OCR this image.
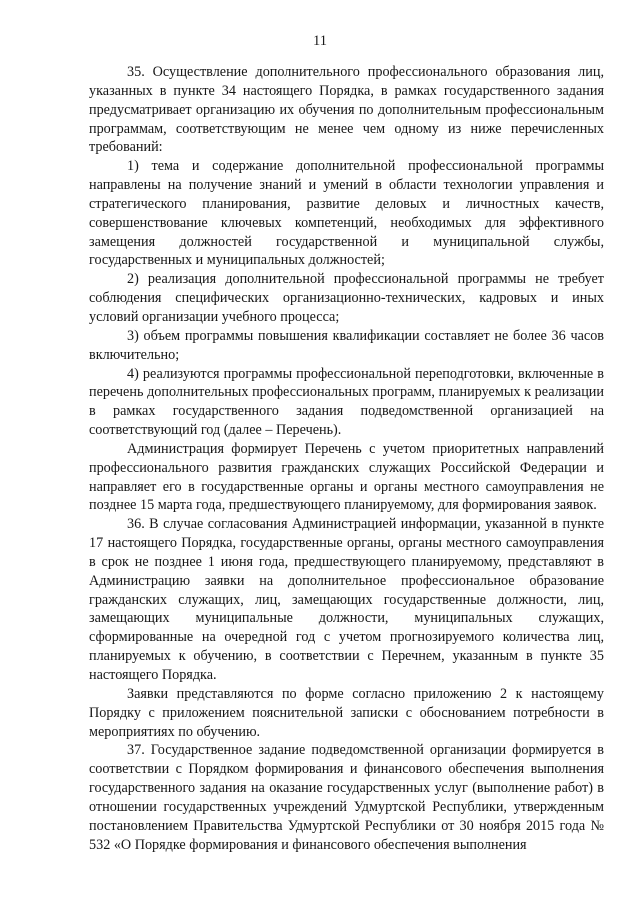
11

35. Осуществление дополнительного профессионального образования лиц, указанных в пункте 34 настоящего Порядка, в рамках государственного задания предусматривает организацию их обучения по дополнительным профессиональным программам, соответствующим не менее чем одному из ниже перечисленных требований:

1) тема и содержание дополнительной профессиональной программы направлены на получение знаний и умений в области технологии управления и стратегического планирования, развитие деловых и личностных качеств, совершенствование ключевых компетенций, необходимых для эффективного замещения должностей государственной и муниципальной службы, государственных и муниципальных должностей;

2) реализация дополнительной профессиональной программы не требует соблюдения специфических организационно-технических, кадровых и иных условий организации учебного процесса;

3) объем программы повышения квалификации составляет не более 36 часов включительно;

4) реализуются программы профессиональной переподготовки, включенные в перечень дополнительных профессиональных программ, планируемых к реализации в рамках государственного задания подведомственной организацией на соответствующий год (далее – Перечень).

Администрация формирует Перечень с учетом приоритетных направлений профессионального развития гражданских служащих Российской Федерации и направляет его в государственные органы и органы местного самоуправления не позднее 15 марта года, предшествующего планируемому, для формирования заявок.

36. В случае согласования Администрацией информации, указанной в пункте 17 настоящего Порядка, государственные органы, органы местного самоуправления в срок не позднее 1 июня года, предшествующего планируемому, представляют в Администрацию заявки на дополнительное профессиональное образование гражданских служащих, лиц, замещающих государственные должности, лиц, замещающих муниципальные должности, муниципальных служащих, сформированные на очередной год с учетом прогнозируемого количества лиц, планируемых к обучению, в соответствии с Перечнем, указанным в пункте 35 настоящего Порядка.

Заявки представляются по форме согласно приложению 2 к настоящему Порядку с приложением пояснительной записки с обоснованием потребности в мероприятиях по обучению.

37. Государственное задание подведомственной организации формируется в соответствии с Порядком формирования и финансового обеспечения выполнения государственного задания на оказание государственных услуг (выполнение работ) в отношении государственных учреждений Удмуртской Республики, утвержденным постановлением Правительства Удмуртской Республики от 30 ноября 2015 года № 532 «О Порядке формирования и финансового обеспечения выполнения
